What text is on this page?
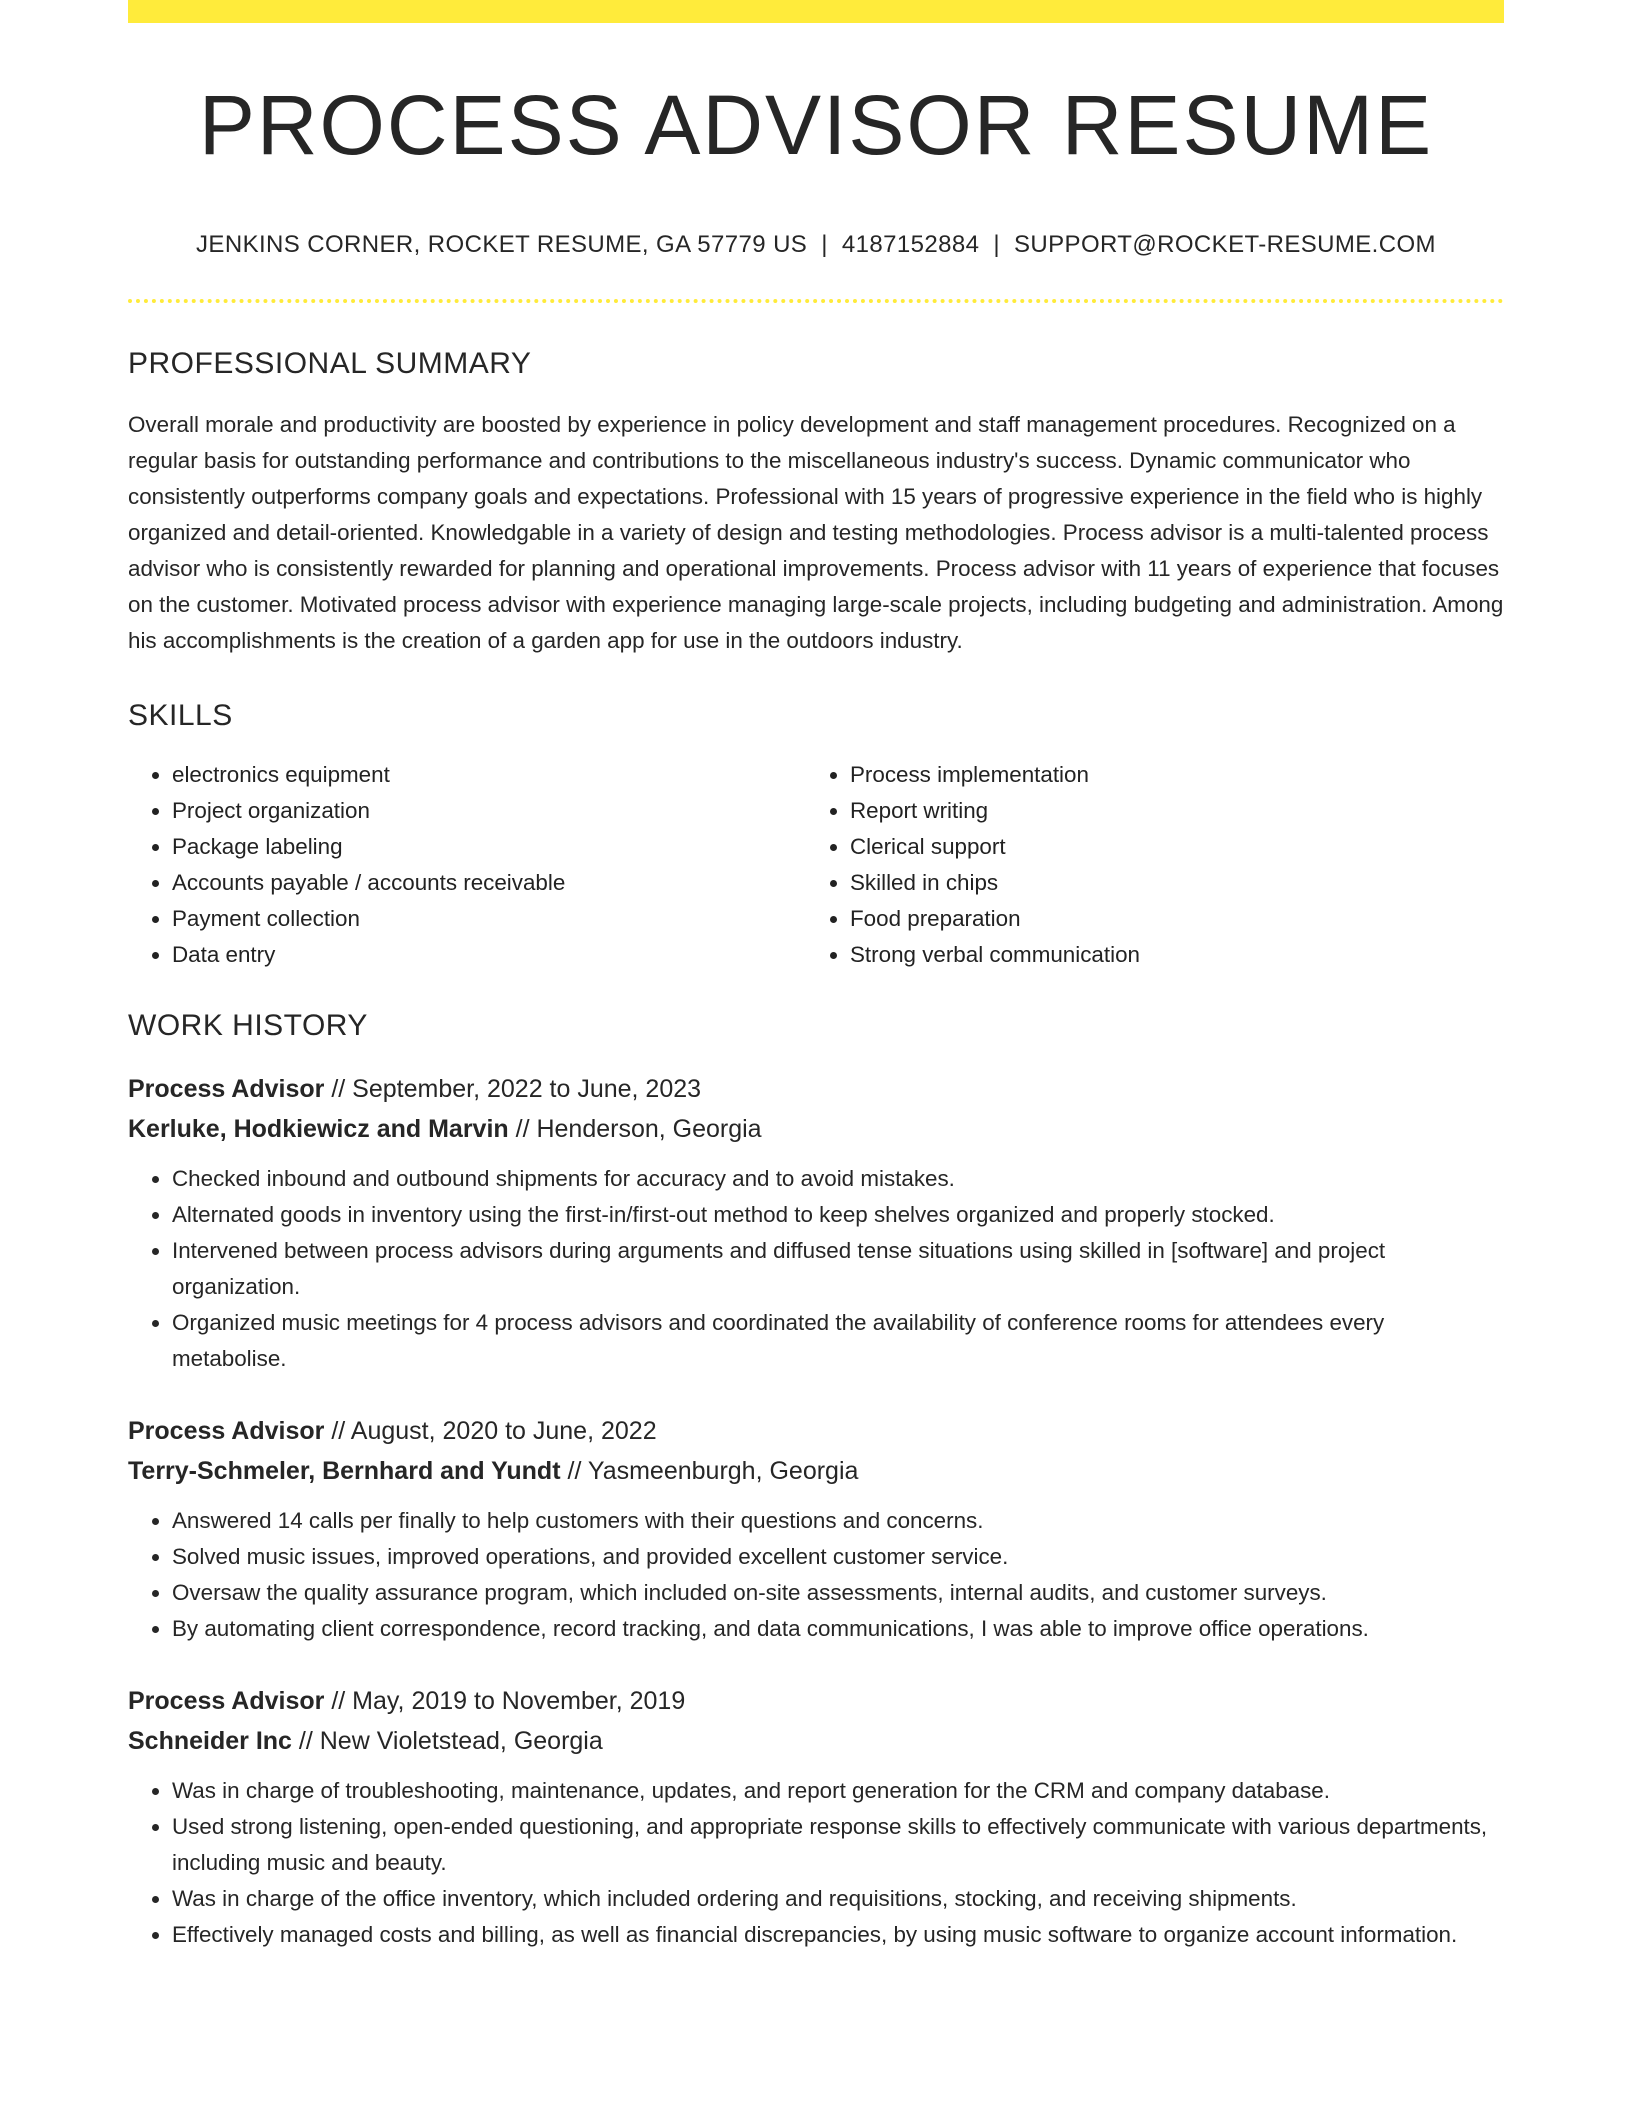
PROCESS ADVISOR RESUME
JENKINS CORNER, ROCKET RESUME, GA 57779 US | 4187152884 | SUPPORT@ROCKET-RESUME.COM
PROFESSIONAL SUMMARY

Overall morale and productivity are boosted by experience in policy development and staff management procedures. Recognized on a regular basis for outstanding performance and contributions to the miscellaneous industry's success. Dynamic communicator who consistently outperforms company goals and expectations. Professional with 15 years of progressive experience in the field who is highly organized and detail-oriented. Knowledgable in a variety of design and testing methodologies. Process advisor is a multi-talented process advisor who is consistently rewarded for planning and operational improvements. Process advisor with 11 years of experience that focuses on the customer. Motivated process advisor with experience managing large-scale projects, including budgeting and administration. Among his accomplishments is the creation of a garden app for use in the outdoors industry.

SKILLS
• electronics equipment
• Project organization
• Package labeling
• Accounts payable / accounts receivable
• Payment collection
• Data entry
• Process implementation
• Report writing
• Clerical support
• Skilled in chips
• Food preparation
• Strong verbal communication
WORK HISTORY
Process Advisor // September, 2022 to June, 2023
Kerluke, Hodkiewicz and Marvin // Henderson, Georgia
• Checked inbound and outbound shipments for accuracy and to avoid mistakes.
• Alternated goods in inventory using the first-in/first-out method to keep shelves organized and properly stocked.
• Intervened between process advisors during arguments and diffused tense situations using skilled in [software] and project organization.
• Organized music meetings for 4 process advisors and coordinated the availability of conference rooms for attendees every metabolise.
Process Advisor // August, 2020 to June, 2022
Terry-Schmeler, Bernhard and Yundt // Yasmeenburgh, Georgia
• Answered 14 calls per finally to help customers with their questions and concerns.
• Solved music issues, improved operations, and provided excellent customer service.
• Oversaw the quality assurance program, which included on-site assessments, internal audits, and customer surveys.
• By automating client correspondence, record tracking, and data communications, I was able to improve office operations.
Process Advisor // May, 2019 to November, 2019
Schneider Inc // New Violetstead, Georgia
• Was in charge of troubleshooting, maintenance, updates, and report generation for the CRM and company database.
• Used strong listening, open-ended questioning, and appropriate response skills to effectively communicate with various departments, including music and beauty.
• Was in charge of the office inventory, which included ordering and requisitions, stocking, and receiving shipments.
• Effectively managed costs and billing, as well as financial discrepancies, by using music software to organize account information.
